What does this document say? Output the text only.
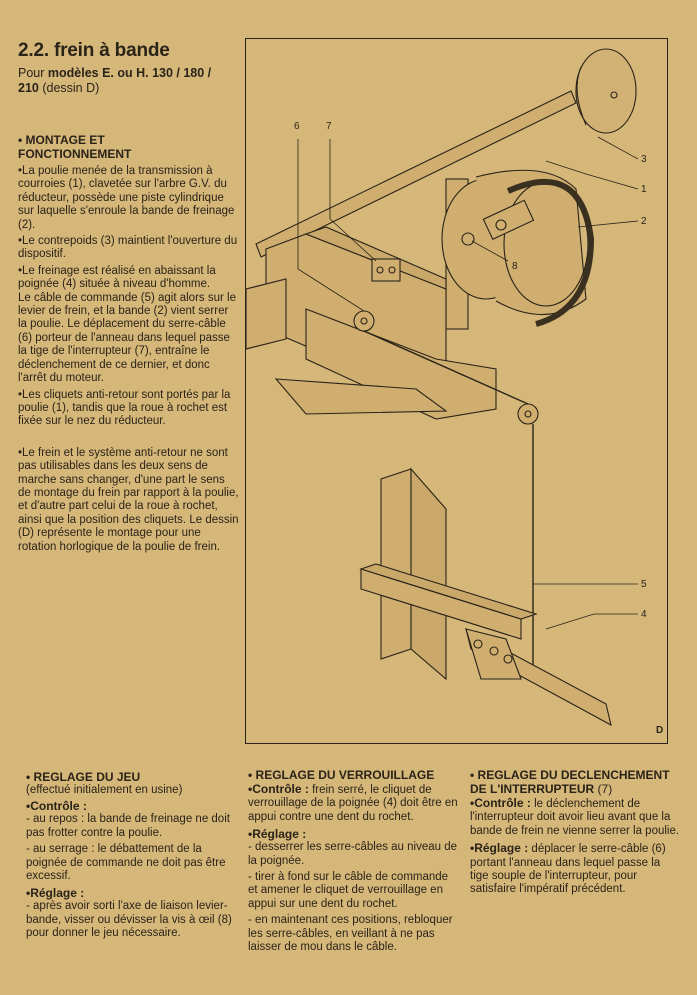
2.2. frein à bande
Pour modèles E. ou H. 130 / 180 / 210 (dessin D)
• MONTAGE ET
FONCTIONNEMENT

•La poulie menée de la transmission à courroies (1), clavetée sur l'arbre G.V. du réducteur, possède une piste cylindrique sur laquelle s'enroule la bande de freinage (2).

•Le contrepoids (3) maintient l'ouverture du dispositif.

•Le freinage est réalisé en abaissant la poignée (4) située à niveau d'homme.

Le câble de commande (5) agit alors sur le levier de frein, et la bande (2) vient serrer la poulie. Le déplacement du serre-câble (6) porteur de l'anneau dans lequel passe la tige de l'interrupteur (7), entraîne le déclenchement de ce dernier, et donc l'arrêt du moteur.

•Les cliquets anti-retour sont portés par la poulie (1), tandis que la roue à rochet est fixée sur le nez du réducteur.

•Le frein et le système anti-retour ne sont pas utilisables dans les deux sens de marche sans changer, d'une part le sens de montage du frein par rapport à la poulie, et d'autre part celui de la roue à rochet, ainsi que la position des cliquets. Le dessin (D) représente le montage pour une rotation horlogique de la poulie de frein.

3
1
2
5
4
6	7
8
D
• REGLAGE DU JEU
(effectué initialement en usine)
•Contrôle :

- au repos : la bande de freinage ne doit pas frotter contre la poulie.

- au serrage : le débattement de la poignée de commande ne doit pas être excessif.

•Réglage :

- après avoir sorti l'axe de liaison levier-bande, visser ou dévisser la vis à œil (8) pour donner le jeu nécessaire.

• REGLAGE DU VERROUILLAGE

•Contrôle : frein serré, le cliquet de verrouillage de la poignée (4) doit être en appui contre une dent du rochet.

•Réglage :

- desserrer les serre-câbles au niveau de la poignée.

- tirer à fond sur le câble de commande et amener le cliquet de verrouillage en appui sur une dent du rochet.

- en maintenant ces positions, rebloquer les serre-câbles, en veillant à ne pas laisser de mou dans le câble.

• REGLAGE DU DECLENCHEMENT DE L'INTERRUPTEUR (7)

•Contrôle : le déclenchement de l'interrupteur doit avoir lieu avant que la bande de frein ne vienne serrer la poulie.

•Réglage : déplacer le serre-câble (6) portant l'anneau dans lequel passe la tige souple de l'interrupteur, pour satisfaire l'impératif précédent.
